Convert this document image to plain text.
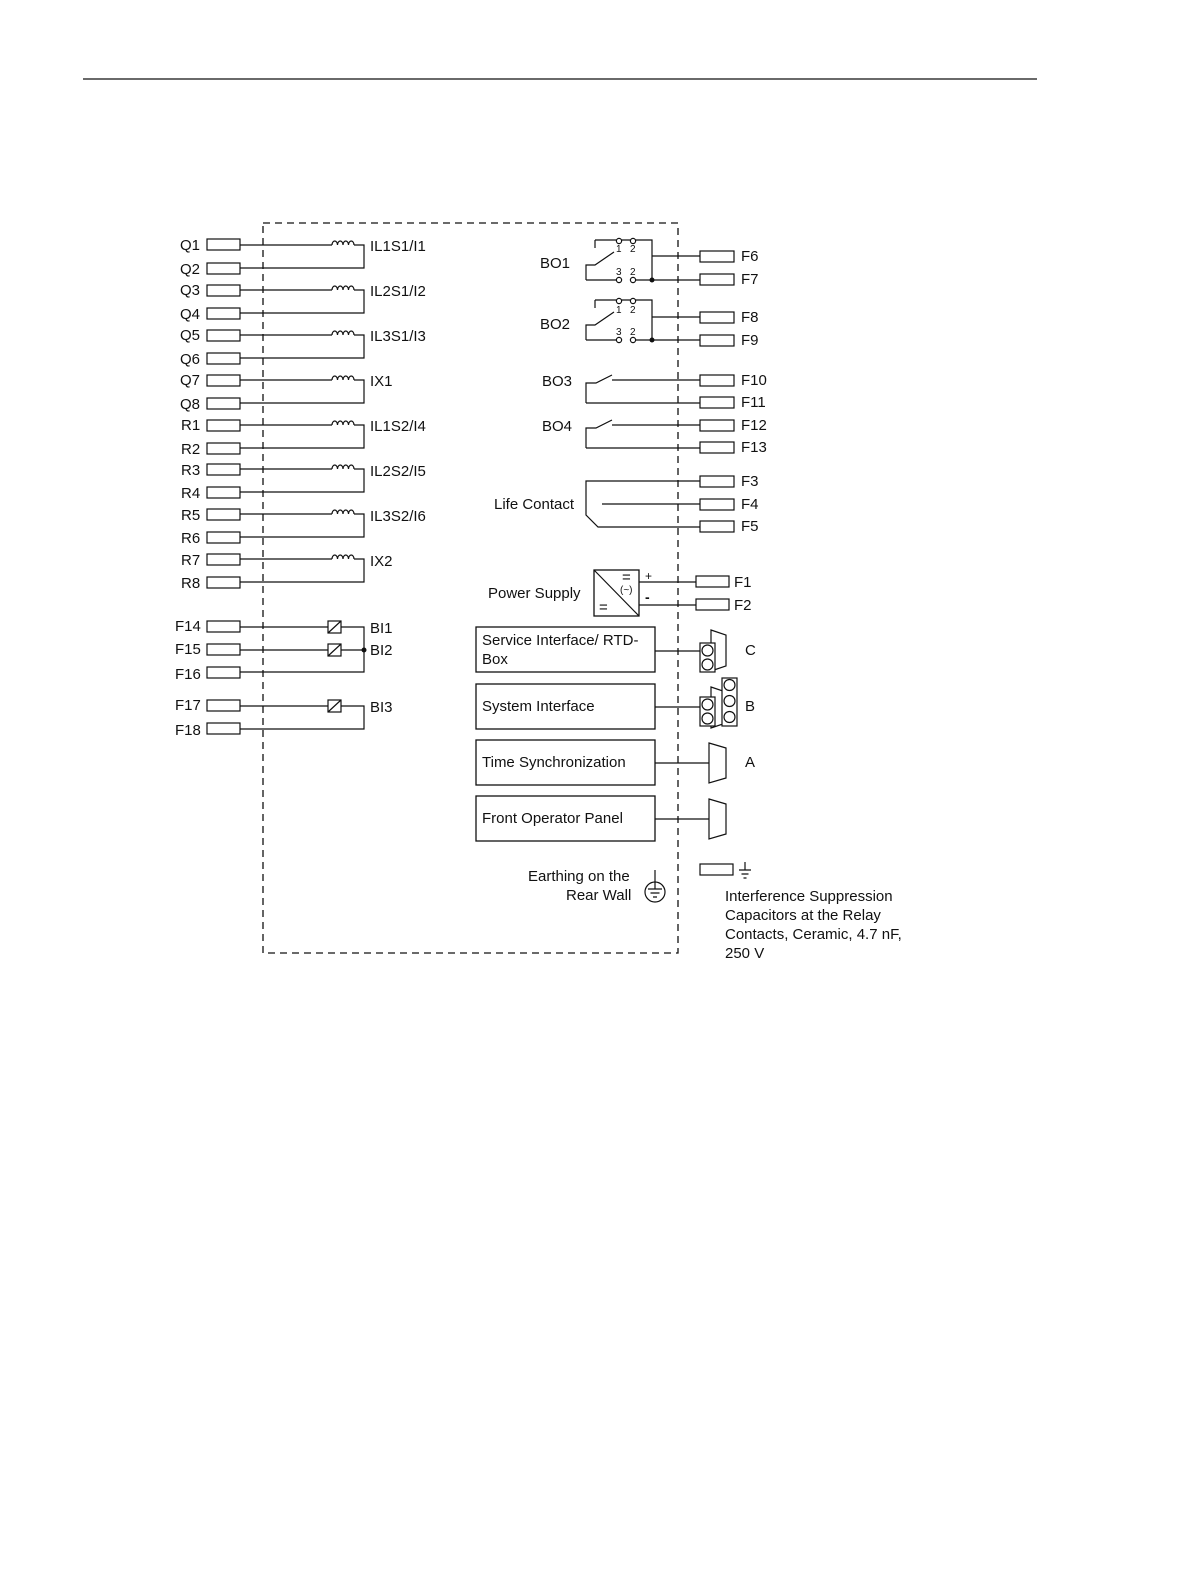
Q1
Q2
IL1S1/I1
Q3
Q4
IL2S1/I2
Q5
Q6
IL3S1/I3
Q7
Q8
IX1
R1
R2
IL1S2/I4
R3
R4
IL2S2/I5
R5
R6
IL3S2/I6
R7
R8
IX2
F14
F15
F16
F17
F18
BI1
BI2
BI3
BO1
1 2
3 2
F6
F7
BO2
1 2
3 2
F8
F9
BO3	F10
F11
BO4	F12
F13
Life Contact
F3
F4
F5
=
(~)
=
+
-
Power Supply
F1
F2
Service Interface/ RTD-
Box
C
System Interface	B
Time Synchronization	A
Front Operator Panel
Earthing on the
Rear Wall	Interference Suppression
Capacitors at the Relay
Contacts, Ceramic, 4.7 nF,
250 V
